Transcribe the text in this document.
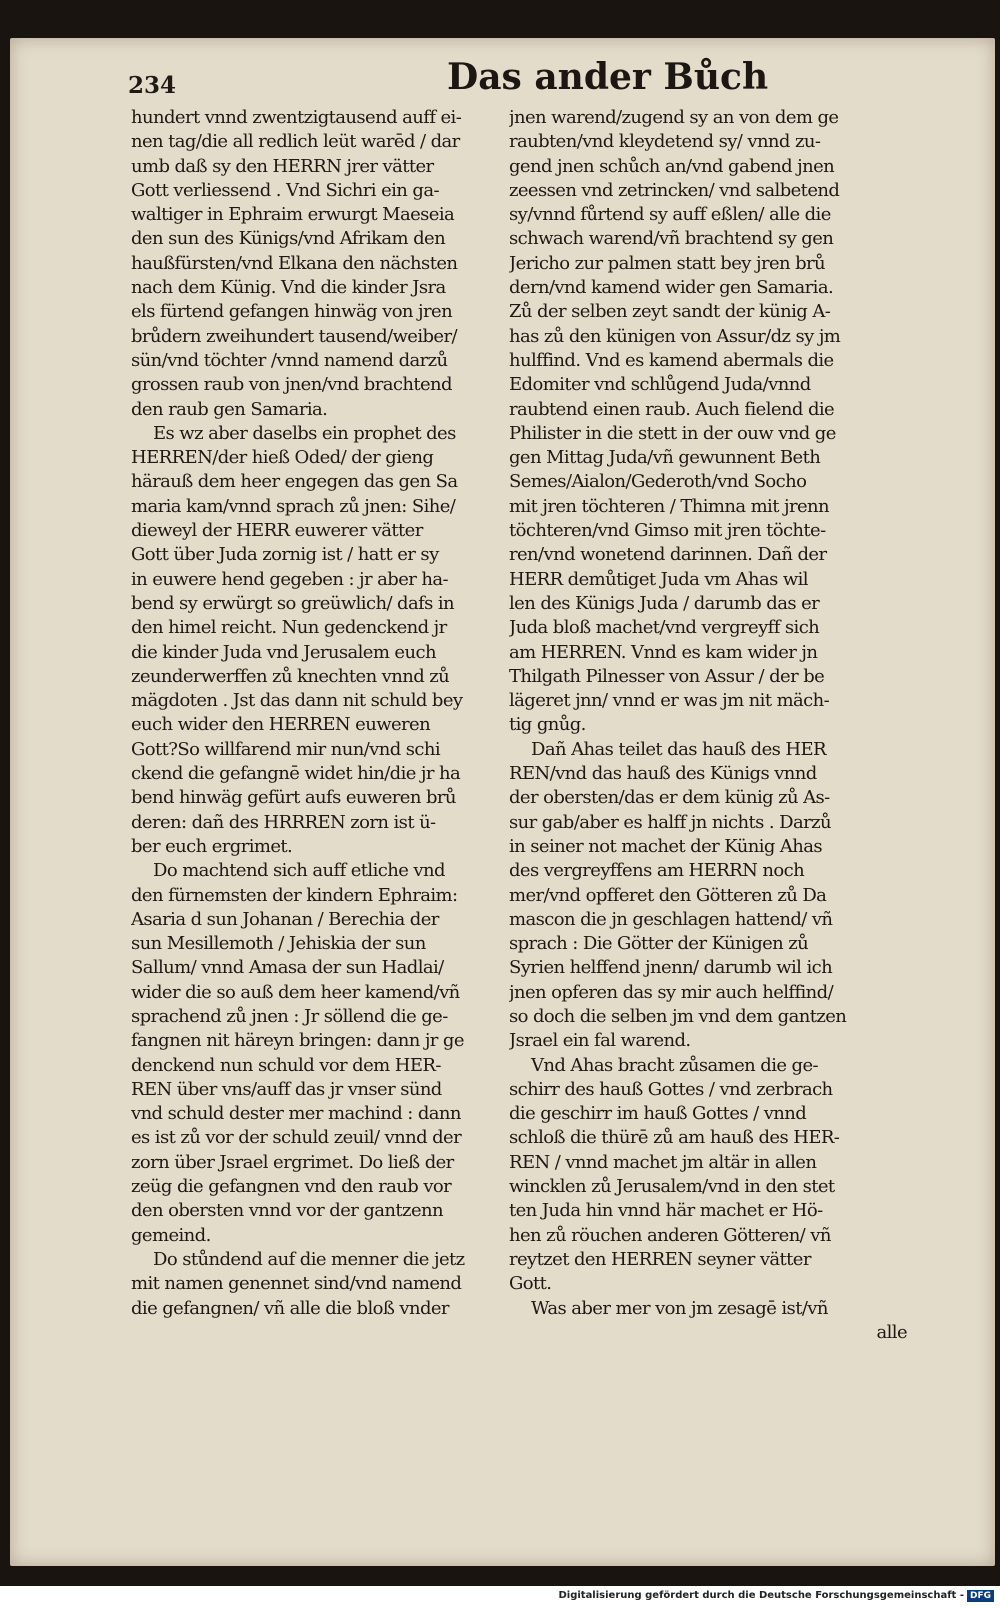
234	Das ander Bůch
hundert vnnd zwentzigtausend auff ei-
nen tag/die all redlich leüt warēd / dar
umb daß sy den HERRN jrer vätter
Gott verliessend . Vnd Sichri ein ga-
waltiger in Ephraim erwurgt Maeseia
den sun des Künigs/vnd Afrikam den
haußfürsten/vnd Elkana den nächsten
nach dem Künig. Vnd die kinder Jsra
els fürtend gefangen hinwäg von jren
brůdern zweihundert tausend/weiber/
sün/vnd töchter /vnnd namend darzů
grossen raub von jnen/vnd brachtend
den raub gen Samaria.
Es wz aber daselbs ein prophet des
HERREN/der hieß Oded/ der gieng
härauß dem heer engegen das gen Sa
maria kam/vnnd sprach zů jnen: Sihe/
dieweyl der HERR euwerer vätter
Gott über Juda zornig ist / hatt er sy
in euwere hend gegeben : jr aber ha-
bend sy erwürgt so greüwlich/ dafs in
den himel reicht. Nun gedenckend jr
die kinder Juda vnd Jerusalem euch
zeunderwerffen zů knechten vnnd zů
mägdoten . Jst das dann nit schuld bey
euch wider den HERREN euweren
Gott?So willfarend mir nun/vnd schi
ckend die gefangnē widet hin/die jr ha
bend hinwäg gefürt aufs euweren brů
deren: dañ des HRRREN zorn ist ü-
ber euch ergrimet.
Do machtend sich auff etliche vnd
den fürnemsten der kindern Ephraim:
Asaria d sun Johanan / Berechia der
sun Mesillemoth / Jehiskia der sun
Sallum/ vnnd Amasa der sun Hadlai/
wider die so auß dem heer kamend/vñ
sprachend zů jnen : Jr söllend die ge-
fangnen nit häreyn bringen: dann jr ge
denckend nun schuld vor dem HER-
REN über vns/auff das jr vnser sünd
vnd schuld dester mer machind : dann
es ist zů vor der schuld zeuil/ vnnd der
zorn über Jsrael ergrimet. Do ließ der
zeüg die gefangnen vnd den raub vor
den obersten vnnd vor der gantzenn
gemeind.
Do stůndend auf die menner die jetz
mit namen genennet sind/vnd namend
die gefangnen/ vñ alle die bloß vnder
jnen warend/zugend sy an von dem ge
raubten/vnd kleydetend sy/ vnnd zu-
gend jnen schůch an/vnd gabend jnen
zeessen vnd zetrincken/ vnd salbetend
sy/vnnd fůrtend sy auff eßlen/ alle die
schwach warend/vñ brachtend sy gen
Jericho zur palmen statt bey jren brů
dern/vnd kamend wider gen Samaria.
Zů der selben zeyt sandt der künig A-
has zů den künigen von Assur/dz sy jm
hulffind. Vnd es kamend abermals die
Edomiter vnd schlůgend Juda/vnnd
raubtend einen raub. Auch fielend die
Philister in die stett in der ouw vnd ge
gen Mittag Juda/vñ gewunnent Beth
Semes/Aialon/Gederoth/vnd Socho
mit jren töchteren / Thimna mit jrenn
töchteren/vnd Gimso mit jren töchte-
ren/vnd wonetend darinnen. Dañ der
HERR demůtiget Juda vm Ahas wil
len des Künigs Juda / darumb das er
Juda bloß machet/vnd vergreyff sich
am HERREN. Vnnd es kam wider jn
Thilgath Pilnesser von Assur / der be
lägeret jnn/ vnnd er was jm nit mäch-
tig gnůg.
Dañ Ahas teilet das hauß des HER
REN/vnd das hauß des Künigs vnnd
der obersten/das er dem künig zů As-
sur gab/aber es halff jn nichts . Darzů
in seiner not machet der Künig Ahas
des vergreyffens am HERRN noch
mer/vnd opfferet den Götteren zů Da
mascon die jn geschlagen hattend/ vñ
sprach : Die Götter der Künigen zů
Syrien helffend jnenn/ darumb wil ich
jnen opferen das sy mir auch helffind/
so doch die selben jm vnd dem gantzen
Jsrael ein fal warend.
Vnd Ahas bracht zůsamen die ge-
schirr des hauß Gottes / vnd zerbrach
die geschirr im hauß Gottes / vnnd
schloß die thürē zů am hauß des HER-
REN / vnnd machet jm altär in allen
wincklen zů Jerusalem/vnd in den stet
ten Juda hin vnnd här machet er Hö-
hen zů röuchen anderen Götteren/ vñ
reytzet den HERREN seyner vätter
Gott.
Was aber mer von jm zesagē ist/vñ
alle
Digitalisierung gefördert durch die Deutsche Forschungsgemeinschaft - DFG
